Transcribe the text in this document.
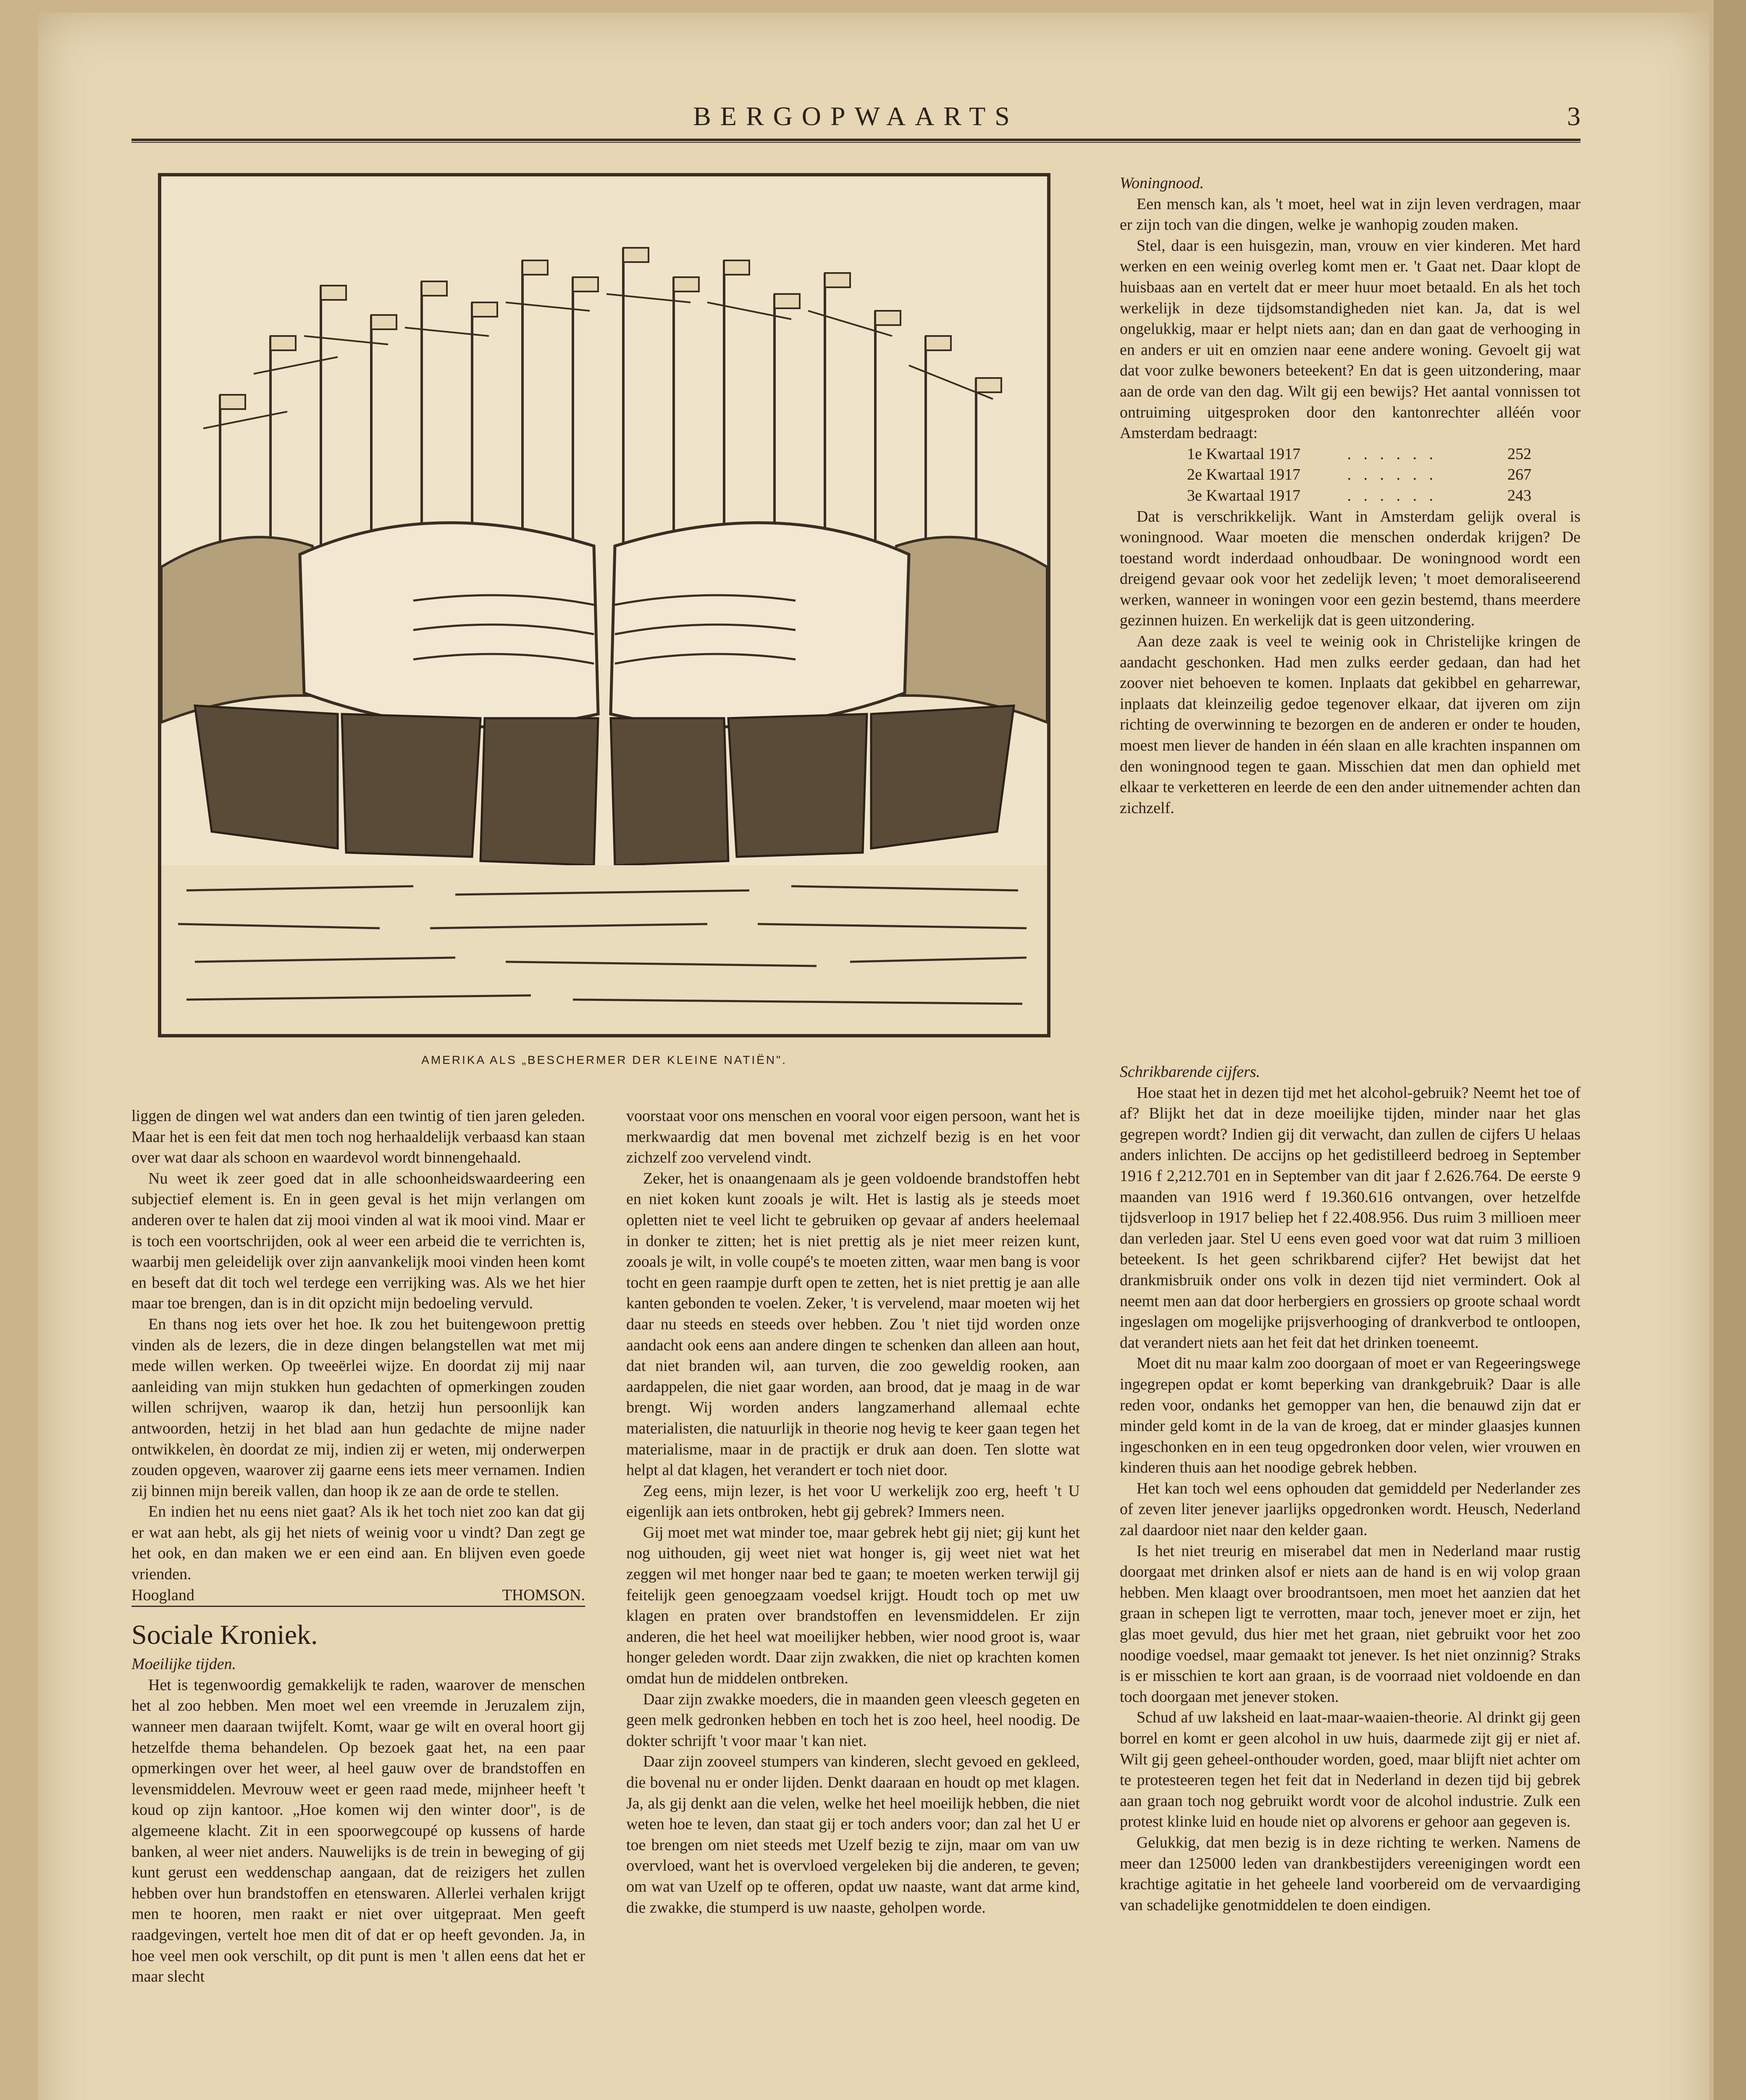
BERGOPWAARTS	3
AMERIKA ALS „BESCHERMER DER KLEINE NATIËN".

liggen de dingen wel wat anders dan een twintig of tien jaren geleden. Maar het is een feit dat men toch nog herhaaldelijk verbaasd kan staan over wat daar als schoon en waardevol wordt binnengehaald.

Nu weet ik zeer goed dat in alle schoonheidswaardeering een subjectief element is. En in geen geval is het mijn verlangen om anderen over te halen dat zij mooi vinden al wat ik mooi vind. Maar er is toch een voortschrijden, ook al weer een arbeid die te verrichten is, waarbij men geleidelijk over zijn aanvankelijk mooi vinden heen komt en beseft dat dit toch wel terdege een verrijking was. Als we het hier maar toe brengen, dan is in dit opzicht mijn bedoeling vervuld.

En thans nog iets over het hoe. Ik zou het buitengewoon prettig vinden als de lezers, die in deze dingen belangstellen wat met mij mede willen werken. Op tweeërlei wijze. En doordat zij mij naar aanleiding van mijn stukken hun gedachten of opmerkingen zouden willen schrijven, waarop ik dan, hetzij hun persoonlijk kan antwoorden, hetzij in het blad aan hun gedachte de mijne nader ontwikkelen, èn doordat ze mij, indien zij er weten, mij onderwerpen zouden opgeven, waarover zij gaarne eens iets meer vernamen. Indien zij binnen mijn bereik vallen, dan hoop ik ze aan de orde te stellen.

En indien het nu eens niet gaat? Als ik het toch niet zoo kan dat gij er wat aan hebt, als gij het niets of weinig voor u vindt? Dan zegt ge het ook, en dan maken we er een eind aan. En blijven even goede vrienden.

Hoogland	THOMSON.
Sociale Kroniek.

Moeilijke tijden.

Het is tegenwoordig gemakkelijk te raden, waarover de menschen het al zoo hebben. Men moet wel een vreemde in Jeruzalem zijn, wanneer men daaraan twijfelt. Komt, waar ge wilt en overal hoort gij hetzelfde thema behandelen. Op bezoek gaat het, na een paar opmerkingen over het weer, al heel gauw over de brandstoffen en levensmiddelen. Mevrouw weet er geen raad mede, mijnheer heeft 't koud op zijn kantoor. „Hoe komen wij den winter door", is de algemeene klacht. Zit in een spoorwegcoupé op kussens of harde banken, al weer niet anders. Nauwelijks is de trein in beweging of gij kunt gerust een weddenschap aangaan, dat de reizigers het zullen hebben over hun brandstoffen en etenswaren. Allerlei verhalen krijgt men te hooren, men raakt er niet over uitgepraat. Men geeft raadgevingen, vertelt hoe men dit of dat er op heeft gevonden. Ja, in hoe veel men ook verschilt, op dit punt is men 't allen eens dat het er maar slecht

voorstaat voor ons menschen en vooral voor eigen persoon, want het is merkwaardig dat men bovenal met zichzelf bezig is en het voor zichzelf zoo vervelend vindt.

Zeker, het is onaangenaam als je geen voldoende brandstoffen hebt en niet koken kunt zooals je wilt. Het is lastig als je steeds moet opletten niet te veel licht te gebruiken op gevaar af anders heelemaal in donker te zitten; het is niet prettig als je niet meer reizen kunt, zooals je wilt, in volle coupé's te moeten zitten, waar men bang is voor tocht en geen raampje durft open te zetten, het is niet prettig je aan alle kanten gebonden te voelen. Zeker, 't is vervelend, maar moeten wij het daar nu steeds en steeds over hebben. Zou 't niet tijd worden onze aandacht ook eens aan andere dingen te schenken dan alleen aan hout, dat niet branden wil, aan turven, die zoo geweldig rooken, aan aardappelen, die niet gaar worden, aan brood, dat je maag in de war brengt. Wij worden anders langzamerhand allemaal echte materialisten, die natuurlijk in theorie nog hevig te keer gaan tegen het materialisme, maar in de practijk er druk aan doen. Ten slotte wat helpt al dat klagen, het verandert er toch niet door.

Zeg eens, mijn lezer, is het voor U werkelijk zoo erg, heeft 't U eigenlijk aan iets ontbroken, hebt gij gebrek? Immers neen.

Gij moet met wat minder toe, maar gebrek hebt gij niet; gij kunt het nog uithouden, gij weet niet wat honger is, gij weet niet wat het zeggen wil met honger naar bed te gaan; te moeten werken terwijl gij feitelijk geen genoegzaam voedsel krijgt. Houdt toch op met uw klagen en praten over brandstoffen en levensmiddelen. Er zijn anderen, die het heel wat moeilijker hebben, wier nood groot is, waar honger geleden wordt. Daar zijn zwakken, die niet op krachten komen omdat hun de middelen ontbreken.

Daar zijn zwakke moeders, die in maanden geen vleesch gegeten en geen melk gedronken hebben en toch het is zoo heel, heel noodig. De dokter schrijft 't voor maar 't kan niet.

Daar zijn zooveel stumpers van kinderen, slecht gevoed en gekleed, die bovenal nu er onder lijden. Denkt daaraan en houdt op met klagen. Ja, als gij denkt aan die velen, welke het heel moeilijk hebben, die niet weten hoe te leven, dan staat gij er toch anders voor; dan zal het U er toe brengen om niet steeds met Uzelf bezig te zijn, maar om van uw overvloed, want het is overvloed vergeleken bij die anderen, te geven; om wat van Uzelf op te offeren, opdat uw naaste, want dat arme kind, die zwakke, die stumperd is uw naaste, geholpen worde.

Woningnood.

Een mensch kan, als 't moet, heel wat in zijn leven verdragen, maar er zijn toch van die dingen, welke je wanhopig zouden maken.

Stel, daar is een huisgezin, man, vrouw en vier kinderen. Met hard werken en een weinig overleg komt men er. 't Gaat net. Daar klopt de huisbaas aan en vertelt dat er meer huur moet betaald. En als het toch werkelijk in deze tijdsomstandigheden niet kan. Ja, dat is wel ongelukkig, maar er helpt niets aan; dan en dan gaat de verhooging in en anders er uit en omzien naar eene andere woning. Gevoelt gij wat dat voor zulke bewoners beteekent? En dat is geen uitzondering, maar aan de orde van den dag. Wilt gij een bewijs? Het aantal vonnissen tot ontruiming uitgesproken door den kantonrechter alléén voor Amsterdam bedraagt:

1e Kwartaal 1917	. . . . . .	252
2e Kwartaal 1917	. . . . . .	267
3e Kwartaal 1917	. . . . . .	243

Dat is verschrikkelijk. Want in Amsterdam gelijk overal is woningnood. Waar moeten die menschen onderdak krijgen? De toestand wordt inderdaad onhoudbaar. De woningnood wordt een dreigend gevaar ook voor het zedelijk leven; 't moet demoraliseerend werken, wanneer in woningen voor een gezin bestemd, thans meerdere gezinnen huizen. En werkelijk dat is geen uitzondering.

Aan deze zaak is veel te weinig ook in Christelijke kringen de aandacht geschonken. Had men zulks eerder gedaan, dan had het zoover niet behoeven te komen. Inplaats dat gekibbel en geharrewar, inplaats dat kleinzeilig gedoe tegenover elkaar, dat ijveren om zijn richting de overwinning te bezorgen en de anderen er onder te houden, moest men liever de handen in één slaan en alle krachten inspannen om den woningnood tegen te gaan. Misschien dat men dan ophield met elkaar te verketteren en leerde de een den ander uitnemender achten dan zichzelf.

Schrikbarende cijfers.

Hoe staat het in dezen tijd met het alcohol-gebruik? Neemt het toe of af? Blijkt het dat in deze moeilijke tijden, minder naar het glas gegrepen wordt? Indien gij dit verwacht, dan zullen de cijfers U helaas anders inlichten. De accijns op het gedistilleerd bedroeg in September 1916 f 2,212.701 en in September van dit jaar f 2.626.764. De eerste 9 maanden van 1916 werd f 19.360.616 ontvangen, over hetzelfde tijdsverloop in 1917 beliep het f 22.408.956. Dus ruim 3 millioen meer dan verleden jaar. Stel U eens even goed voor wat dat ruim 3 millioen beteekent. Is het geen schrikbarend cijfer? Het bewijst dat het drankmisbruik onder ons volk in dezen tijd niet vermindert. Ook al neemt men aan dat door herbergiers en grossiers op groote schaal wordt ingeslagen om mogelijke prijsverhooging of drankverbod te ontloopen, dat verandert niets aan het feit dat het drinken toeneemt.

Moet dit nu maar kalm zoo doorgaan of moet er van Regeeringswege ingegrepen opdat er komt beperking van drankgebruik? Daar is alle reden voor, ondanks het gemopper van hen, die benauwd zijn dat er minder geld komt in de la van de kroeg, dat er minder glaasjes kunnen ingeschonken en in een teug opgedronken door velen, wier vrouwen en kinderen thuis aan het noodige gebrek hebben.

Het kan toch wel eens ophouden dat gemiddeld per Nederlander zes of zeven liter jenever jaarlijks opgedronken wordt. Heusch, Nederland zal daardoor niet naar den kelder gaan.

Is het niet treurig en miserabel dat men in Nederland maar rustig doorgaat met drinken alsof er niets aan de hand is en wij volop graan hebben. Men klaagt over broodrantsoen, men moet het aanzien dat het graan in schepen ligt te verrotten, maar toch, jenever moet er zijn, het glas moet gevuld, dus hier met het graan, niet gebruikt voor het zoo noodige voedsel, maar gemaakt tot jenever. Is het niet onzinnig? Straks is er misschien te kort aan graan, is de voorraad niet voldoende en dan toch doorgaan met jenever stoken.

Schud af uw laksheid en laat-maar-waaien-theorie. Al drinkt gij geen borrel en komt er geen alcohol in uw huis, daarmede zijt gij er niet af. Wilt gij geen geheel-onthouder worden, goed, maar blijft niet achter om te protesteeren tegen het feit dat in Nederland in dezen tijd bij gebrek aan graan toch nog gebruikt wordt voor de alcohol industrie. Zulk een protest klinke luid en houde niet op alvorens er gehoor aan gegeven is.

Gelukkig, dat men bezig is in deze richting te werken. Namens de meer dan 125000 leden van drankbestijders vereenigingen wordt een krachtige agitatie in het geheele land voorbereid om de vervaardiging van schadelijke genotmiddelen te doen eindigen.
